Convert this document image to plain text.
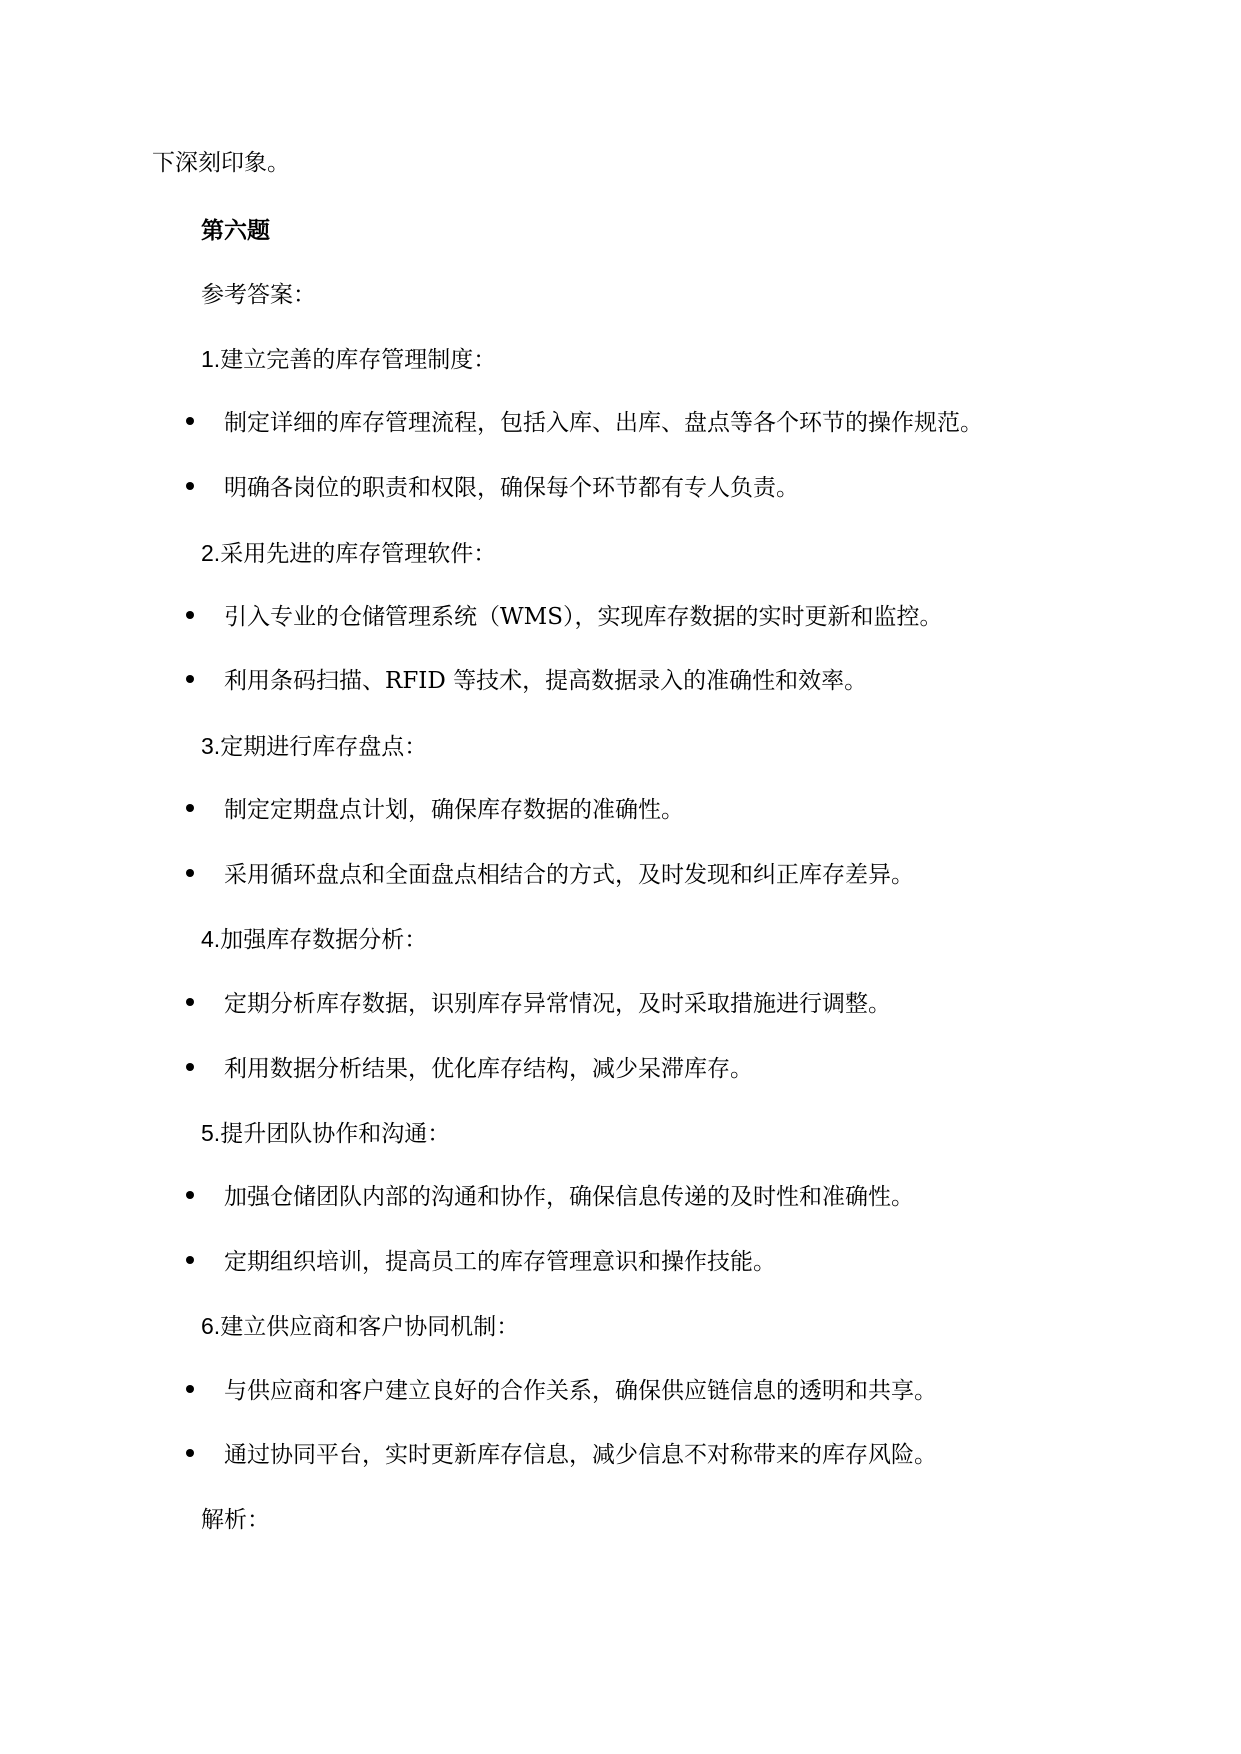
下深刻印象。
第六题
参考答案：
1.建立完善的库存管理制度：
制定详细的库存管理流程，包括入库、出库、盘点等各个环节的操作规范。
明确各岗位的职责和权限，确保每个环节都有专人负责。
2.采用先进的库存管理软件：
引入专业的仓储管理系统（WMS），实现库存数据的实时更新和监控。
利用条码扫描、RFID 等技术，提高数据录入的准确性和效率。
3.定期进行库存盘点：
制定定期盘点计划，确保库存数据的准确性。
采用循环盘点和全面盘点相结合的方式，及时发现和纠正库存差异。
4.加强库存数据分析：
定期分析库存数据，识别库存异常情况，及时采取措施进行调整。
利用数据分析结果，优化库存结构，减少呆滞库存。
5.提升团队协作和沟通：
加强仓储团队内部的沟通和协作，确保信息传递的及时性和准确性。
定期组织培训，提高员工的库存管理意识和操作技能。
6.建立供应商和客户协同机制：
与供应商和客户建立良好的合作关系，确保供应链信息的透明和共享。
通过协同平台，实时更新库存信息，减少信息不对称带来的库存风险。
解析：
